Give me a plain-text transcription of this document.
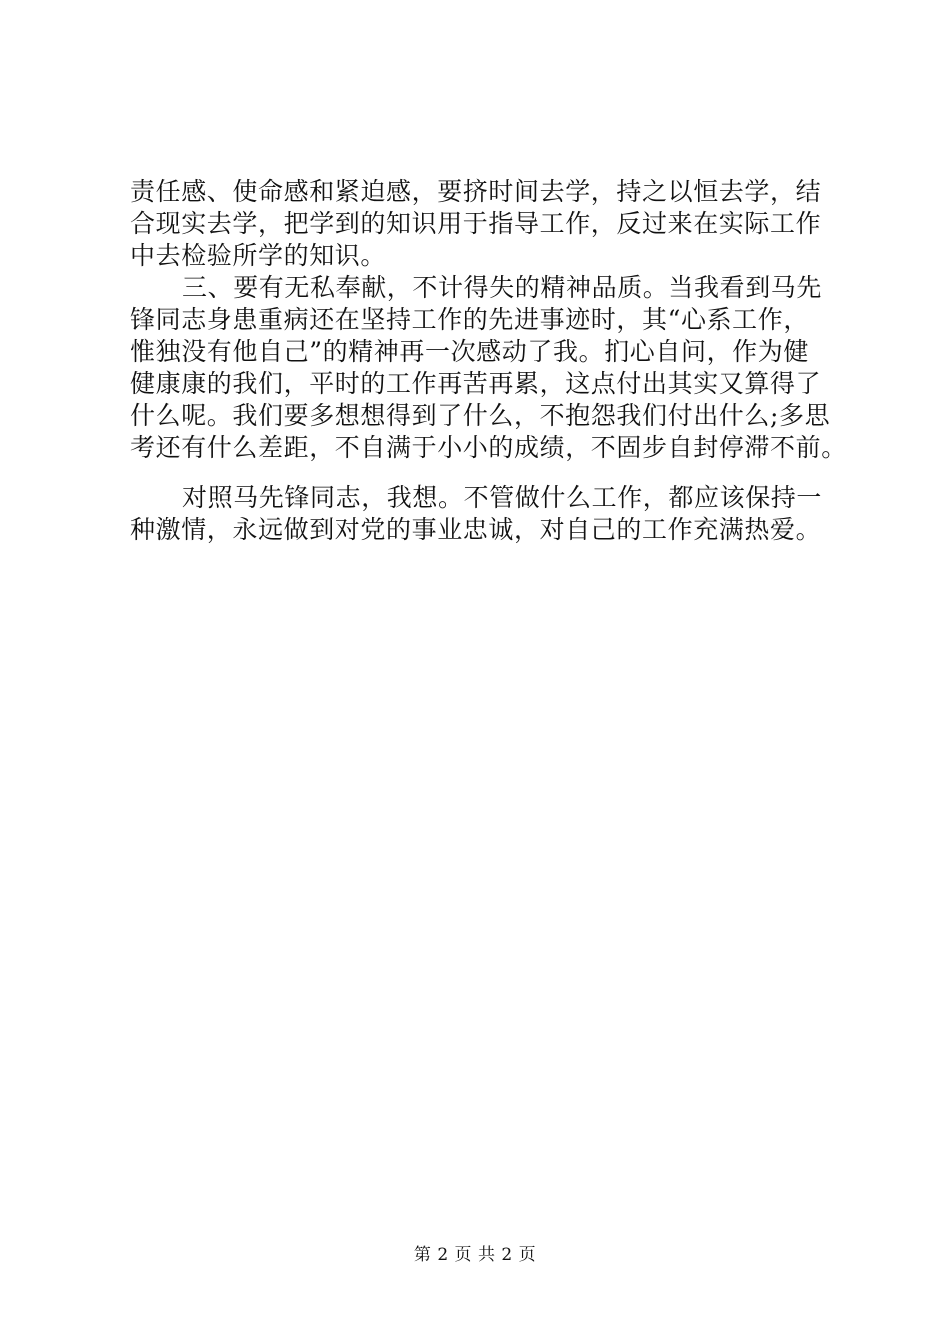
责任感、使命感和紧迫感，要挤时间去学，持之以恒去学，结
合现实去学，把学到的知识用于指导工作，反过来在实际工作
中去检验所学的知识。
三、要有无私奉献，不计得失的精神品质。当我看到马先
锋同志身患重病还在坚持工作的先进事迹时，其“心系工作，
惟独没有他自己”的精神再一次感动了我。扪心自问，作为健
健康康的我们，平时的工作再苦再累，这点付出其实又算得了
什么呢。我们要多想想得到了什么，不抱怨我们付出什么;多思
考还有什么差距，不自满于小小的成绩，不固步自封停滞不前。
对照马先锋同志，我想。不管做什么工作，都应该保持一
种激情，永远做到对党的事业忠诚，对自己的工作充满热爱。
第 2 页 共 2 页
